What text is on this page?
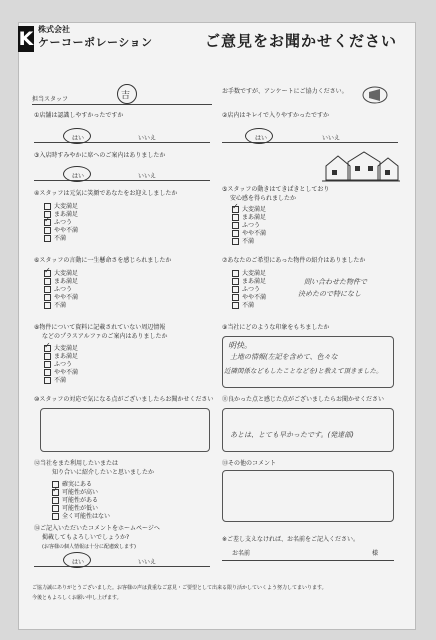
K 株式会社
ケーコーポレーション	ご意見をお聞かせください
担当スタッフ	吉	お手数ですが、アンケートにご協力ください。
①店舗は認識しやすかったですか
はい	いいえ
②店内はキレイで入りやすかったですか
はい	いいえ
③入店時すみやかに席へのご案内はありましたか
はい	いいえ
④スタッフは元気に笑顔であなたをお迎えしましたか
大変満足
まあ満足
✓ふつう
やや不満
不満
⑤スタッフの動きはてきぱきとしており
安心感を得られましたか
✓大変満足
まあ満足
ふつう
やや不満
不満
⑥スタッフの言動に一生懸命さを感じられましたか
✓大変満足
まあ満足
ふつう
やや不満
不満
⑦あなたのご希望にあった物件の紹介はありましたか
大変満足
まあ満足
ふつう
やや不満
不満
問い合わせた物件で
決めたので特になし
⑧物件について資料に記載されていない周辺情報
などのプラスアルファのご案内はありましたか
✓大変満足
まあ満足
ふつう
やや不満
不満
⑨当社にどのような印象をもちましたか
明快。
土地の情報(左記を含めて、色々な
近隣関係などもしたことなどを)と教えて頂きました。
⑩スタッフの対応で気になる点がございましたらお聞かせください ⑪良かった点と感じた点がございましたらお聞かせください
あとは、とても早かったです。(発達部)
⑫当社をまた利用したいまたは
知り合いに紹介したいと思いましたか
確実にある
✓可能性が高い
可能性がある
可能性が低い
全く可能性はない
⑬その他のコメント
⑭ご記入いただいたコメントをホームページへ
掲載してもよろしいでしょうか?
(お客様の個人情報は十分に配慮致します)
はい	いいえ
※ご差し支えなければ、お名前をご記入ください。
お名前	様
ご協力誠にありがとうございました。お客様の声は貴重なご意見・ご要望として出来る限り活かしていくよう努力してまいります。
今後ともよろしくお願い申し上げます。
